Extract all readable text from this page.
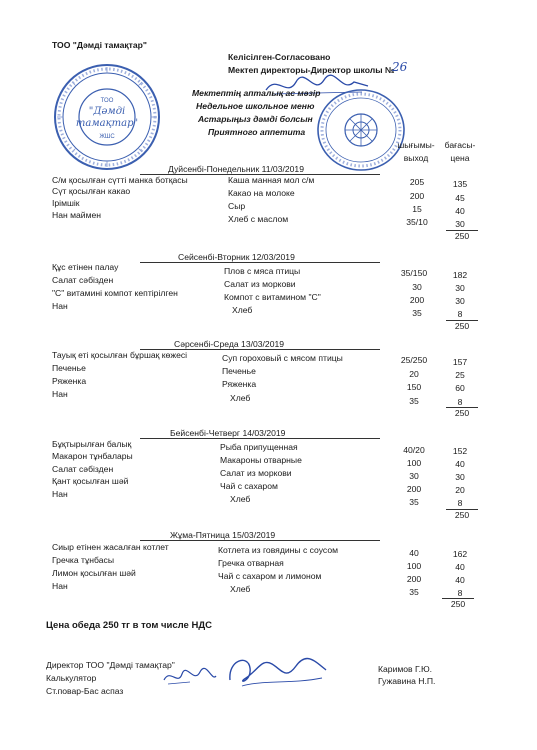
ТОО
"Дәмді
тамақтар"
ЖШС
ТОО "Дәмді тамақтар"
Келісілген-Согласовано
Мектеп директоры-Директор школы №
26
Мектептің апталық ас мәзір
Недельное школьное меню
Астарыңыз дәмді болсын
Приятного аппетита
шығымы-
выход
бағасы-
цена
Дуйсенбі-Понедельник 11/03/2019
С/м қосылған сүтті манка ботқасы	Каша манная мол с/м	205	135
Сүт қосылған какао	Какао на молоке	200	45
Ірімшік	Сыр	15	40
Нан маймен	Хлеб с маслом	35/10	30
250
Сейсенбі-Вторник 12/03/2019
Құс етінен палау	Плов с мяса птицы	35/150	182
Салат сәбізден	Салат из моркови	30	30
"С" витамині компот кептірілген	Компот с витамином "С"	200	30
Нан	Хлеб	35	8
250
Сәрсенбі-Среда 13/03/2019
Тауық еті қосылған бұршақ көжесі	Суп гороховый с мясом птицы	25/250	157
Печенье	Печенье	20	25
Ряженка	Ряженка	150	60
Нан	Хлеб	35	8
250
Бейсенбі-Четверг 14/03/2019
Бұқтырылған балық	Рыба припущенная	40/20	152
Макарон тұнбалары	Макароны отварные	100	40
Салат сәбізден	Салат из моркови	30	30
Қант қосылған шәй	Чай с сахаром	200	20
Нан	Хлеб	35	8
250
Жұма-Пятница 15/03/2019
Сиыр етінен жасалған котлет	Котлета из говядины с соусом	40	162
Гречка тұнбасы	Гречка отварная	100	40
Лимон қосылған шәй	Чай с сахаром и лимоном	200	40
Нан	Хлеб	35	8
250
Цена обеда 250 тг в том числе НДС
Директор ТОО "Дәмді тамақтар"
Калькулятор
Ст.повар-Бас аспаз
Каримов Г.Ю.
Гужавина Н.П.
